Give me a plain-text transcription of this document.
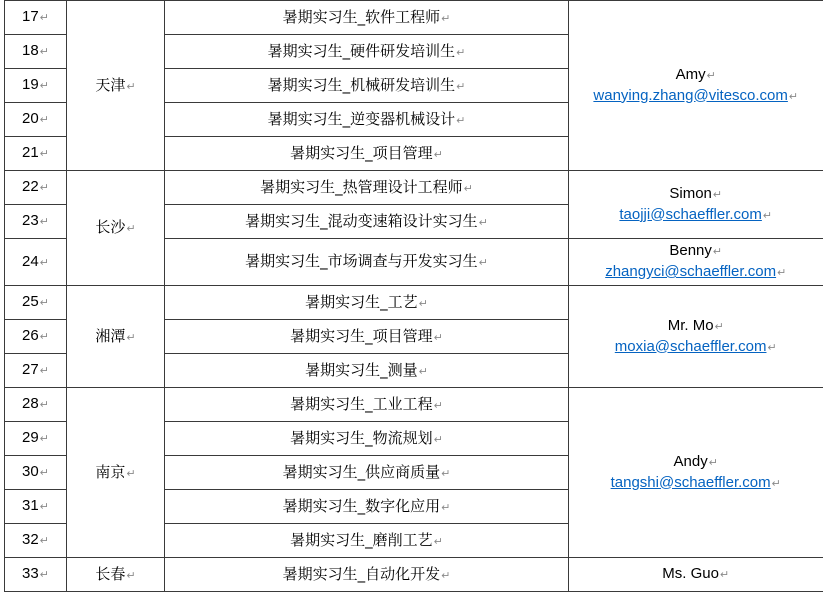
17↵	天津↵	暑期实习生_软件工程师↵	Amy↵
wanying.zhang@vitesco.com↵

18↵		暑期实习生_硬件研发培训生↵	
19↵		暑期实习生_机械研发培训生↵	
20↵		暑期实习生_逆变器机械设计↵	
21↵		暑期实习生_项目管理↵	
22↵	长沙↵	暑期实习生_热管理设计工程师↵	Simon↵
taojji@schaeffler.com↵

23↵		暑期实习生_混动变速箱设计实习生↵	
24↵		暑期实习生_市场调查与开发实习生↵	Benny↵
zhangyci@schaeffler.com↵

25↵	湘潭↵	暑期实习生_工艺↵	Mr. Mo↵
moxia@schaeffler.com↵

26↵		暑期实习生_项目管理↵	
27↵		暑期实习生_测量↵	
28↵	南京↵	暑期实习生_工业工程↵	Andy↵
tangshi@schaeffler.com↵

29↵		暑期实习生_物流规划↵	
30↵		暑期实习生_供应商质量↵	
31↵		暑期实习生_数字化应用↵	
32↵		暑期实习生_磨削工艺↵	
33↵	长春↵	暑期实习生_自动化开发↵	Ms. Guo↵
